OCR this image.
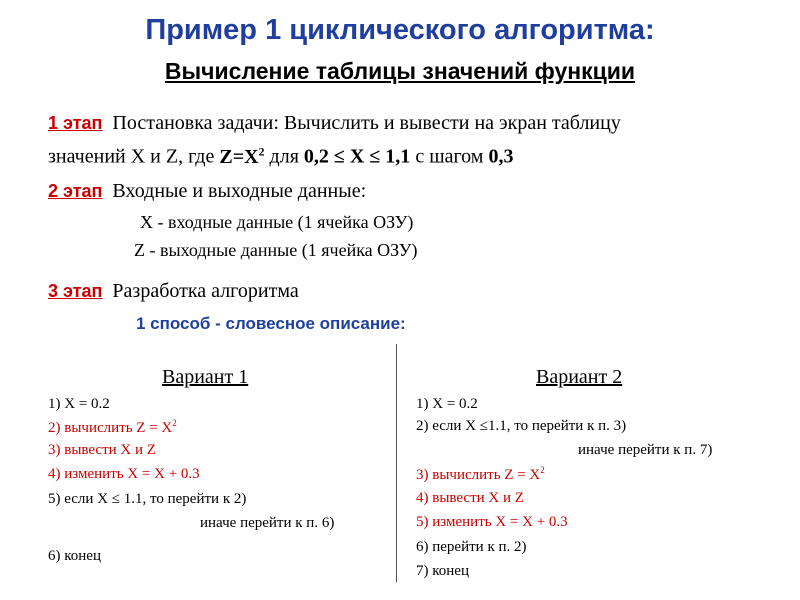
Пример 1 циклического алгоритма:
Вычисление таблицы значений функции
1 этап Постановка задачи: Вычислить и вывести на экран таблицу
значений X и Z, где $Z=X^2$ для 0,2 ≤ X ≤ 1,1 с шагом 0,3
2 этап Входные и выходные данные:
X - входные данные (1 ячейка ОЗУ)
Z - выходные данные (1 ячейка ОЗУ)
3 этап Разработка алгоритма
1 способ - словесное описание:
Вариант 1
1) X = 0.2
2) вычислить $Z = X^2$
3) вывести X и Z
4) изменить X = X + 0.3
5) если X ≤ 1.1, то перейти к 2)
иначе перейти к п. 6)
6) конец
Вариант 2
1) X = 0.2
2) если X ≤1.1, то перейти к п. 3)
иначе перейти к п. 7)
3) вычислить $Z = X^2$
4) вывести X и Z
5) изменить X = X + 0.3
6) перейти к п. 2)
7) конец
